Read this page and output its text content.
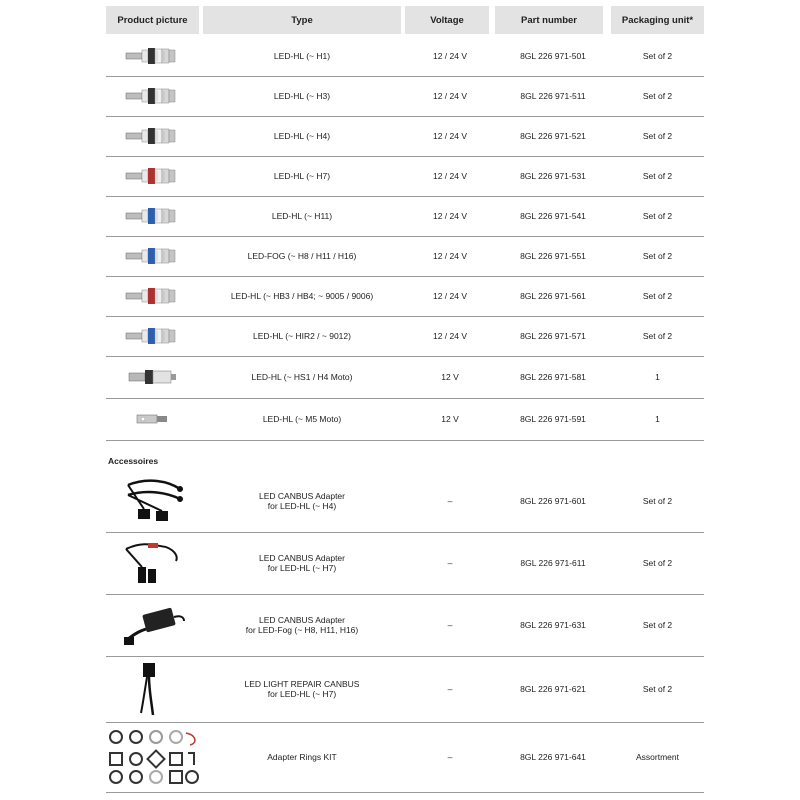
Product picture	Type	Voltage	Part number	Packaging unit*
LED-HL (~ H1)	12 / 24 V	8GL 226 971-501	Set of 2
LED-HL (~ H3)	12 / 24 V	8GL 226 971-511	Set of 2
LED-HL (~ H4)	12 / 24 V	8GL 226 971-521	Set of 2
LED-HL (~ H7)	12 / 24 V	8GL 226 971-531	Set of 2
LED-HL (~ H11)	12 / 24 V	8GL 226 971-541	Set of 2
LED-FOG (~ H8 / H11 / H16)	12 / 24 V	8GL 226 971-551	Set of 2
LED-HL (~ HB3 / HB4; ~ 9005 / 9006)	12 / 24 V	8GL 226 971-561	Set of 2
LED-HL (~ HIR2 / ~ 9012)	12 / 24 V	8GL 226 971-571	Set of 2
LED-HL (~ HS1 / H4 Moto)	12 V	8GL 226 971-581	1
LED-HL (~ M5 Moto)	12 V	8GL 226 971-591	1
Accessoires
LED CANBUS Adapter
for LED-HL (~ H4)	–	8GL 226 971-601	Set of 2
LED CANBUS Adapter
for LED-HL (~ H7)	–	8GL 226 971-611	Set of 2
LED CANBUS Adapter
for LED-Fog (~ H8, H11, H16)	–	8GL 226 971-631	Set of 2
LED LIGHT REPAIR CANBUS
for LED-HL (~ H7)	–	8GL 226 971-621	Set of 2
Adapter Rings KIT	–	8GL 226 971-641	Assortment
